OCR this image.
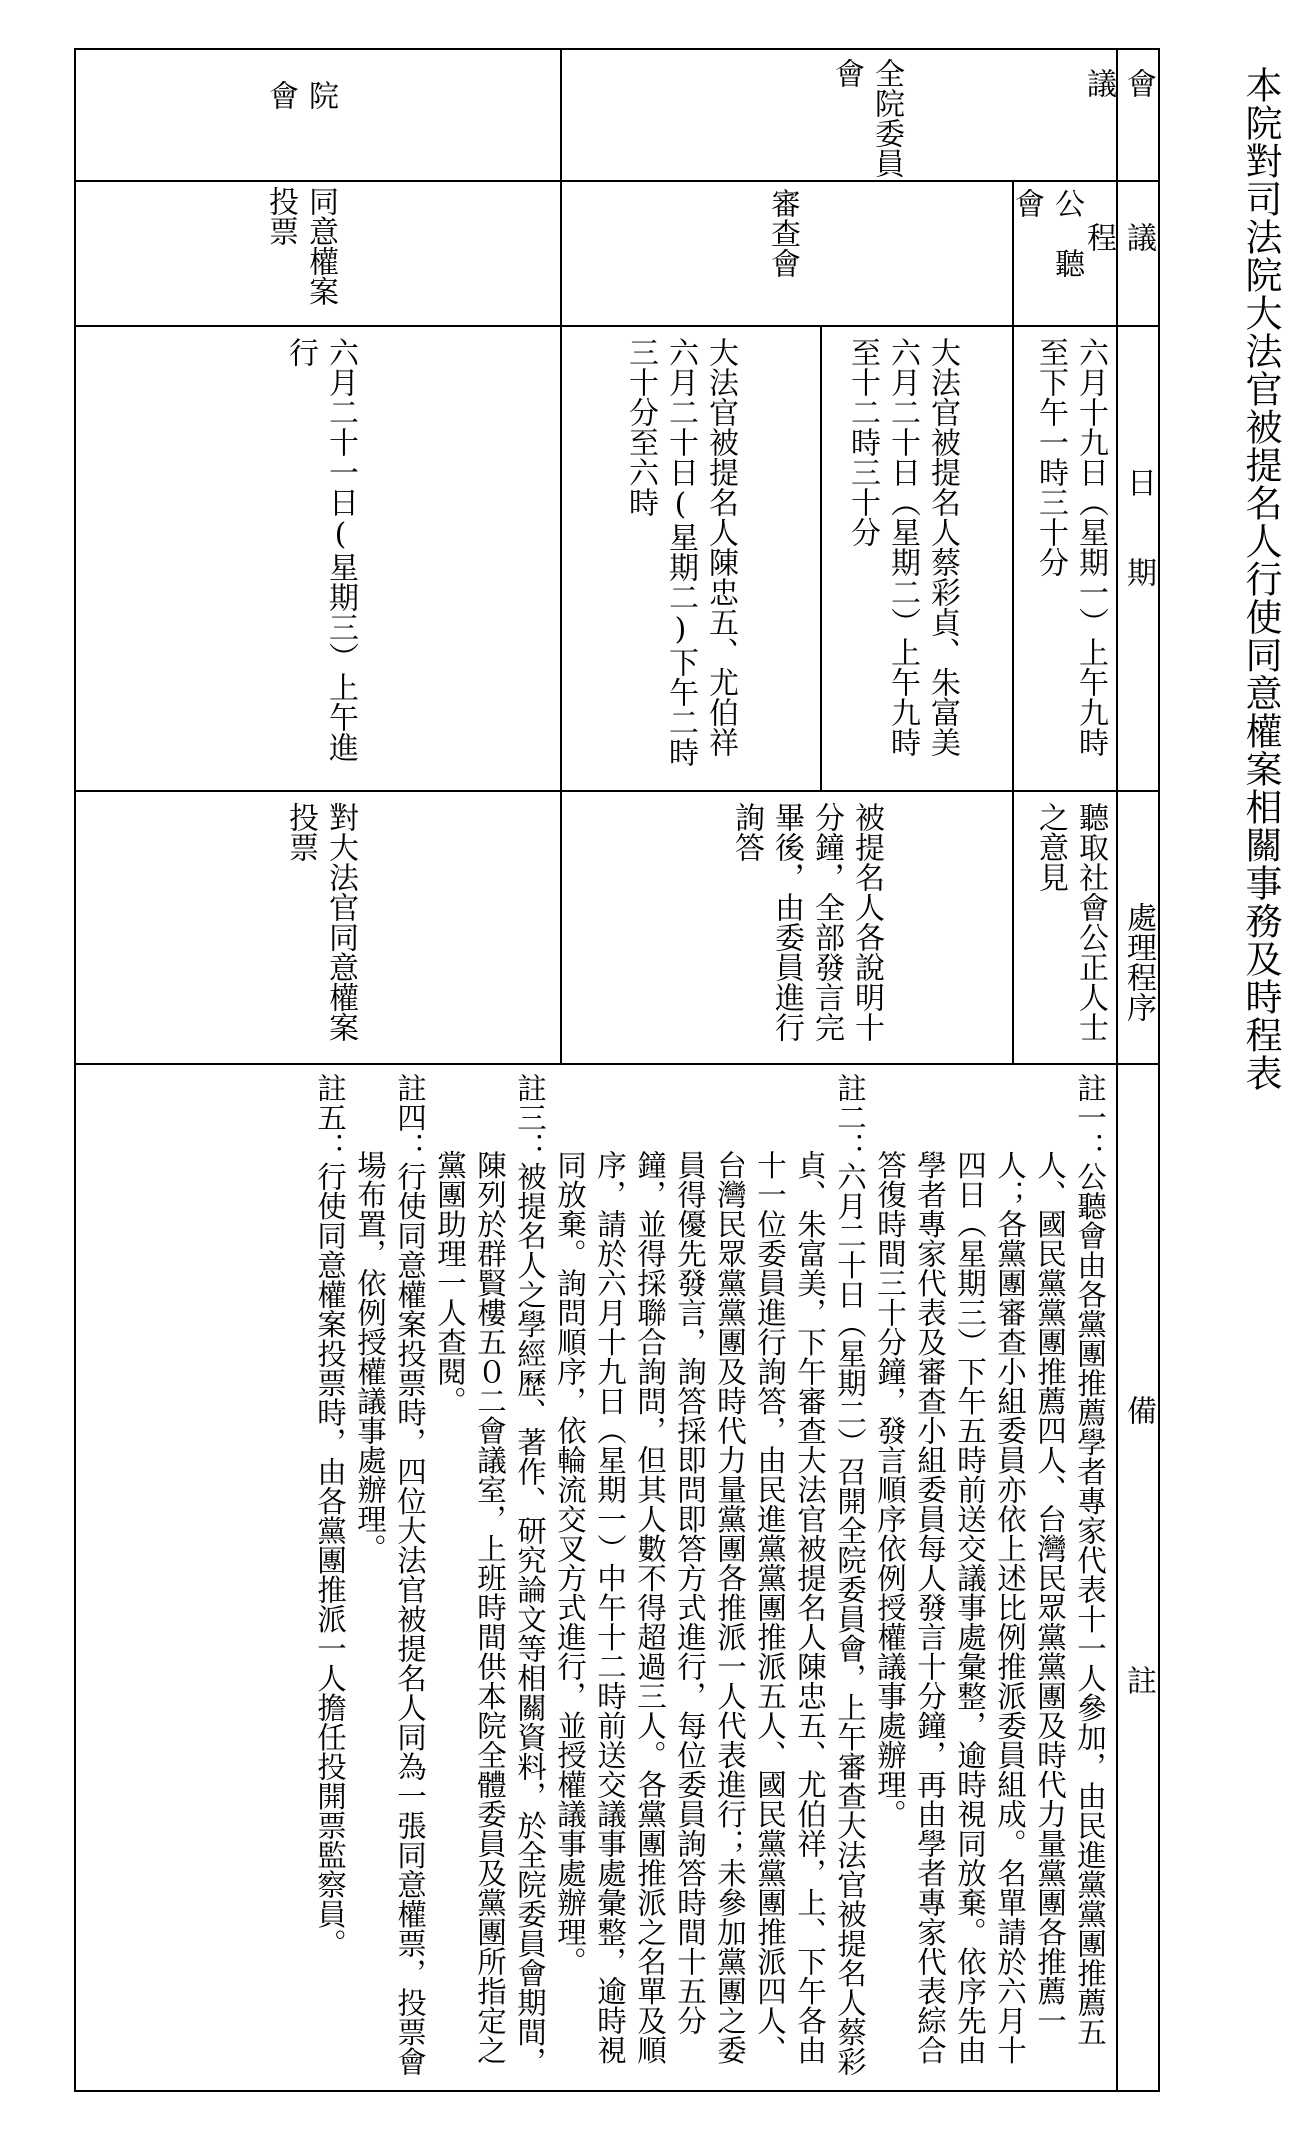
本院對司法院大法官被提名人行使同意權案相關事務及時程表
會　　議
議　　程
日　　期
處理程序
備　　　　　　　　註
全院委員會
院　　　會
公　聽　會
審查會
同意權案投票
六月十九日（星期一）上午九時至下午一時三十分
大法官被提名人蔡彩貞、朱富美六月二十日（星期二）上午九時至十二時三十分
大法官被提名人陳忠五、尤伯祥六月二十日(星期二)下午二時三十分至六時
六月二十一日(星期三）上午進行
聽取社會公正人士之意見
被提名人各說明十分鐘，全部發言完畢後，由委員進行詢答
對大法官同意權案投票

註一：公聽會由各黨團推薦學者專家代表十一人參加，由民進黨黨團推薦五人、國民黨黨團推薦四人、台灣民眾黨黨團及時代力量黨團各推薦一人；各黨團審查小組委員亦依上述比例推派委員組成。名單請於六月十四日（星期三）下午五時前送交議事處彙整，逾時視同放棄。依序先由學者專家代表及審查小組委員每人發言十分鐘，再由學者專家代表綜合答復時間三十分鐘，發言順序依例授權議事處辦理。

註二：六月二十日（星期二）召開全院委員會，上午審查大法官被提名人蔡彩貞、朱富美，下午審查大法官被提名人陳忠五、尤伯祥，上、下午各由十一位委員進行詢答，由民進黨黨團推派五人、國民黨黨團推派四人、台灣民眾黨黨團及時代力量黨團各推派一人代表進行；未參加黨團之委員得優先發言，詢答採即問即答方式進行，每位委員詢答時間十五分鐘，並得採聯合詢問，但其人數不得超過三人。各黨團推派之名單及順序，請於六月十九日（星期一）中午十二時前送交議事處彙整，逾時視同放棄。詢問順序，依輪流交叉方式進行，並授權議事處辦理。

註三：被提名人之學經歷、著作、研究論文等相關資料，於全院委員會期間，陳列於群賢樓五０二會議室，上班時間供本院全體委員及黨團所指定之黨團助理一人查閱。

註四：行使同意權案投票時，四位大法官被提名人同為一張同意權票，投票會場布置，依例授權議事處辦理。

註五：行使同意權案投票時，由各黨團推派一人擔任投開票監察員。
